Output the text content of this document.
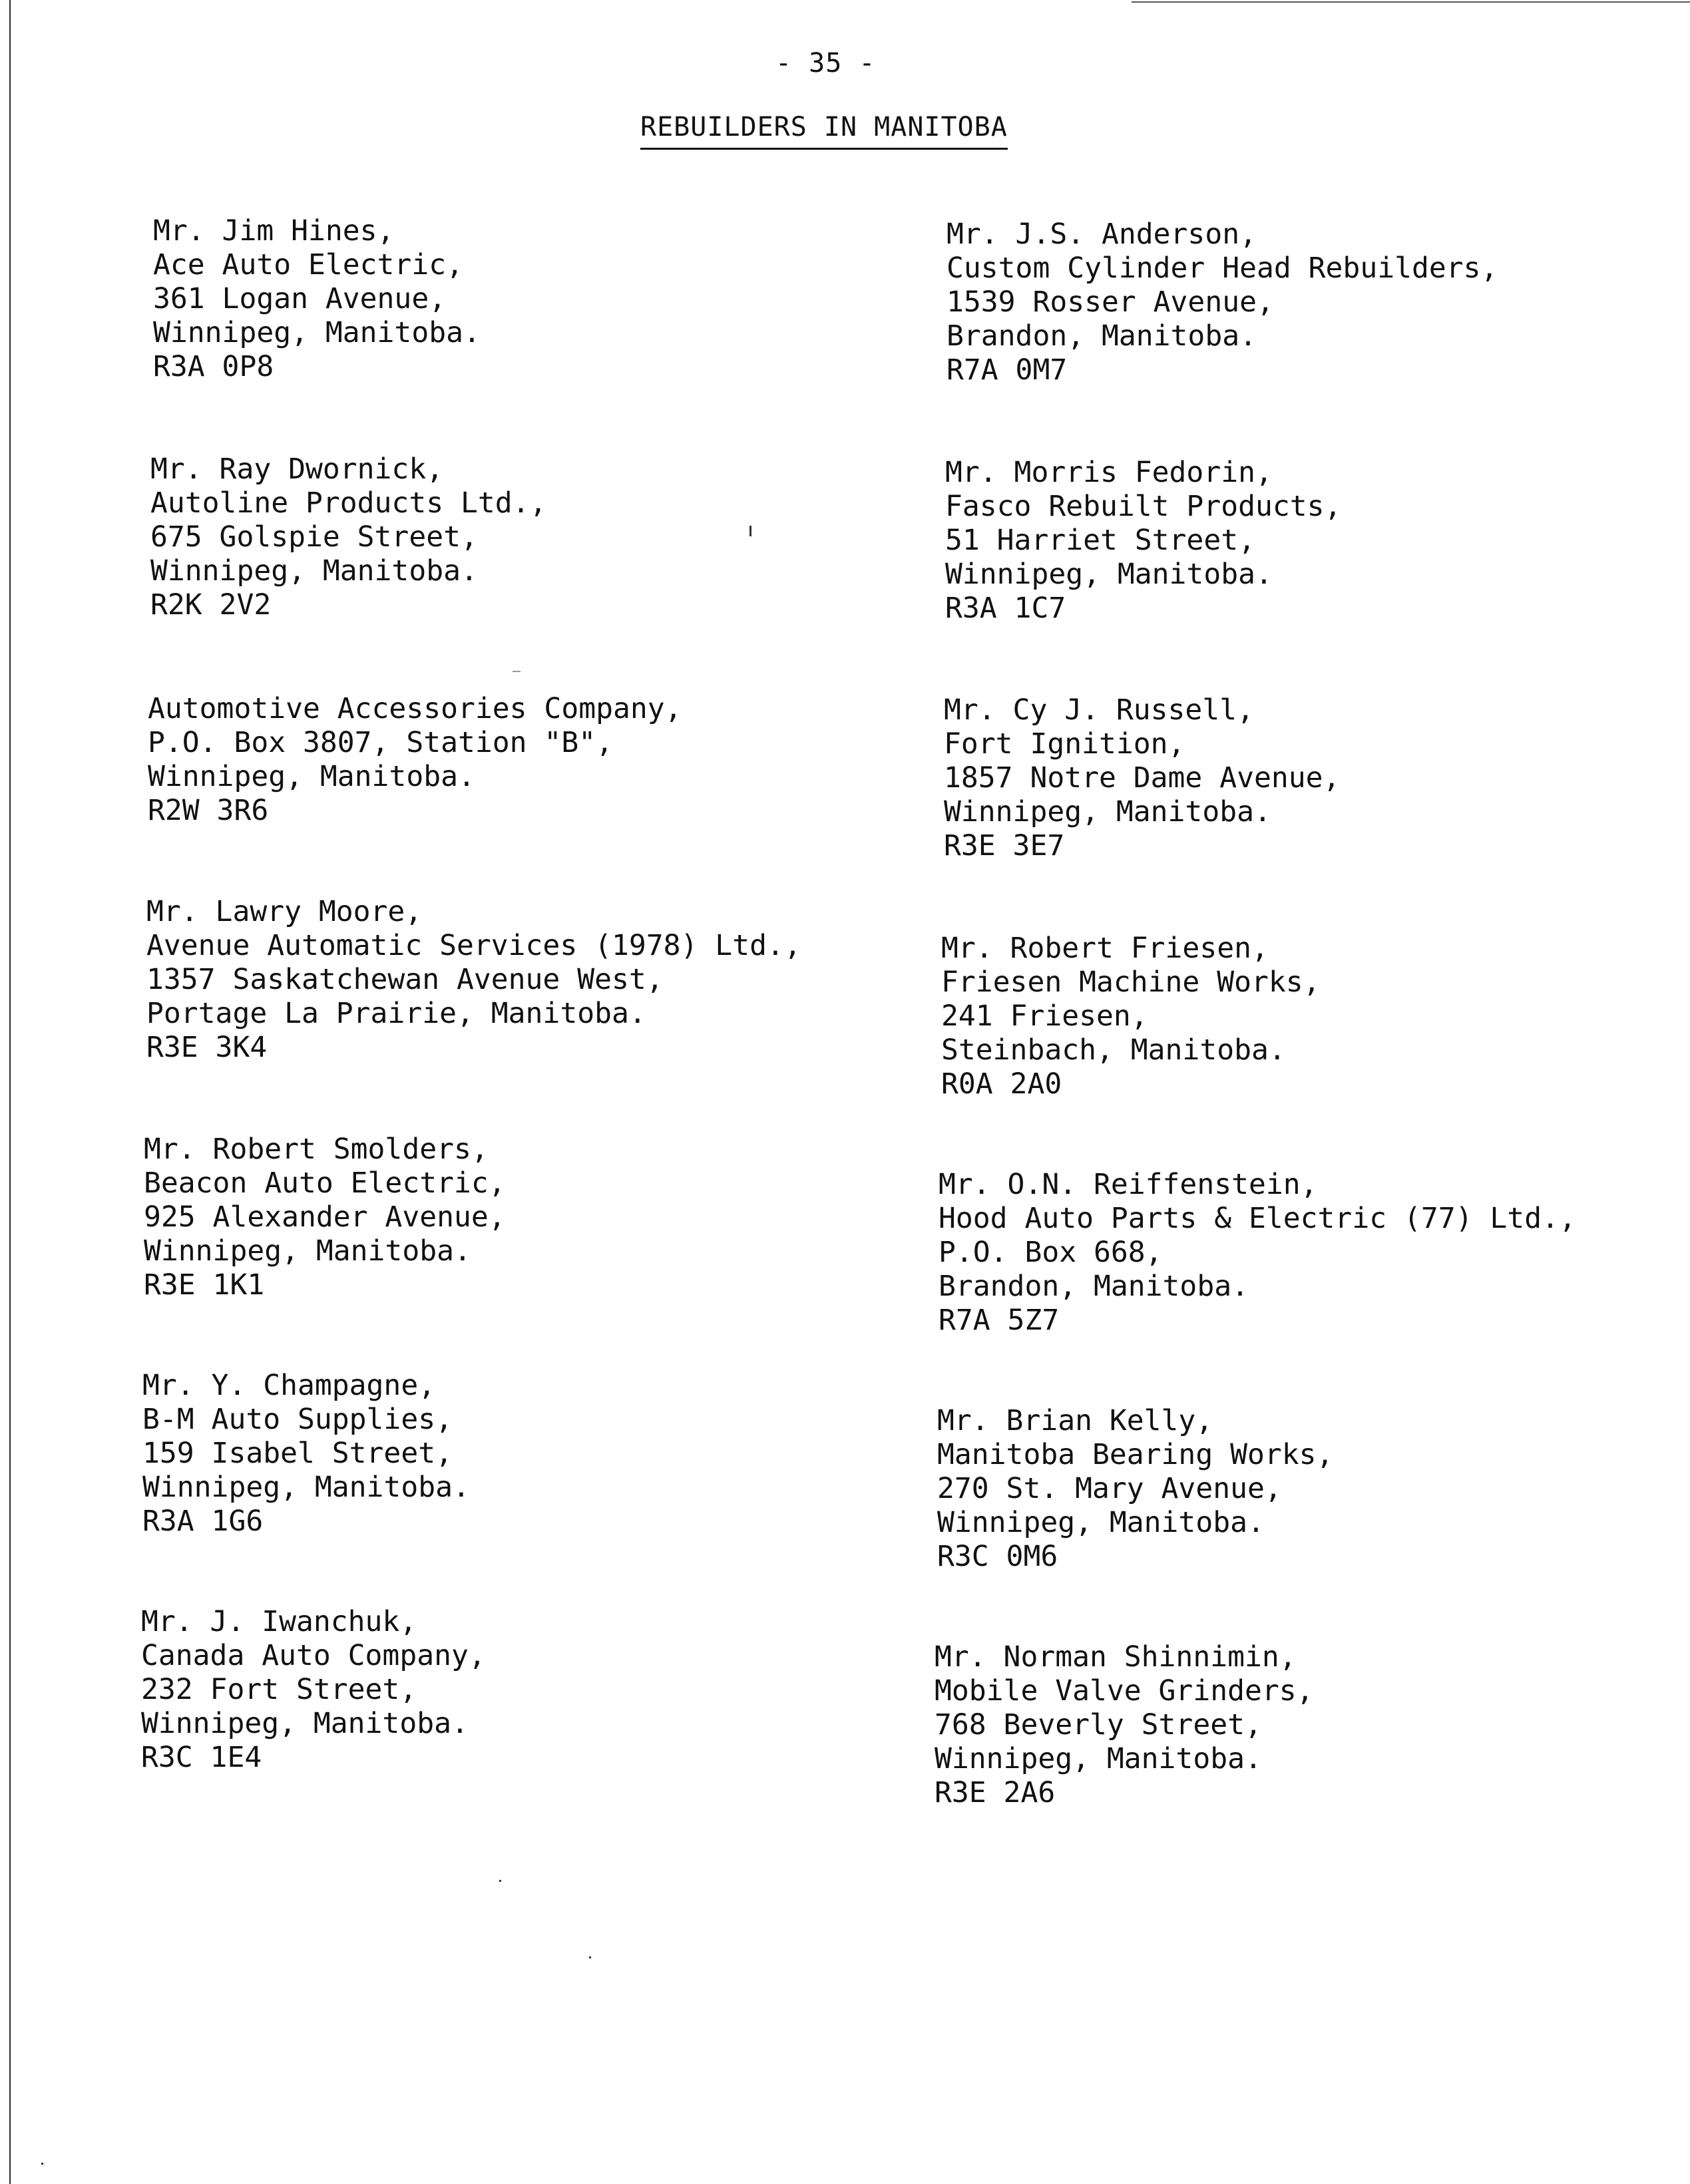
- 35 -
REBUILDERS IN MANITOBA
Mr. Jim Hines,
Ace Auto Electric,
361 Logan Avenue,
Winnipeg, Manitoba.
R3A 0P8
Mr. Ray Dwornick,
Autoline Products Ltd.,
675 Golspie Street,
Winnipeg, Manitoba.
R2K 2V2
Automotive Accessories Company,
P.O. Box 3807, Station "B",
Winnipeg, Manitoba.
R2W 3R6
Mr. Lawry Moore,
Avenue Automatic Services (1978) Ltd.,
1357 Saskatchewan Avenue West,
Portage La Prairie, Manitoba.
R3E 3K4
Mr. Robert Smolders,
Beacon Auto Electric,
925 Alexander Avenue,
Winnipeg, Manitoba.
R3E 1K1
Mr. Y. Champagne,
B-M Auto Supplies,
159 Isabel Street,
Winnipeg, Manitoba.
R3A 1G6
Mr. J. Iwanchuk,
Canada Auto Company,
232 Fort Street,
Winnipeg, Manitoba.
R3C 1E4
Mr. J.S. Anderson,
Custom Cylinder Head Rebuilders,
1539 Rosser Avenue,
Brandon, Manitoba.
R7A 0M7
Mr. Morris Fedorin,
Fasco Rebuilt Products,
51 Harriet Street,
Winnipeg, Manitoba.
R3A 1C7
Mr. Cy J. Russell,
Fort Ignition,
1857 Notre Dame Avenue,
Winnipeg, Manitoba.
R3E 3E7
Mr. Robert Friesen,
Friesen Machine Works,
241 Friesen,
Steinbach, Manitoba.
R0A 2A0
Mr. O.N. Reiffenstein,
Hood Auto Parts & Electric (77) Ltd.,
P.O. Box 668,
Brandon, Manitoba.
R7A 5Z7
Mr. Brian Kelly,
Manitoba Bearing Works,
270 St. Mary Avenue,
Winnipeg, Manitoba.
R3C 0M6
Mr. Norman Shinnimin,
Mobile Valve Grinders,
768 Beverly Street,
Winnipeg, Manitoba.
R3E 2A6
